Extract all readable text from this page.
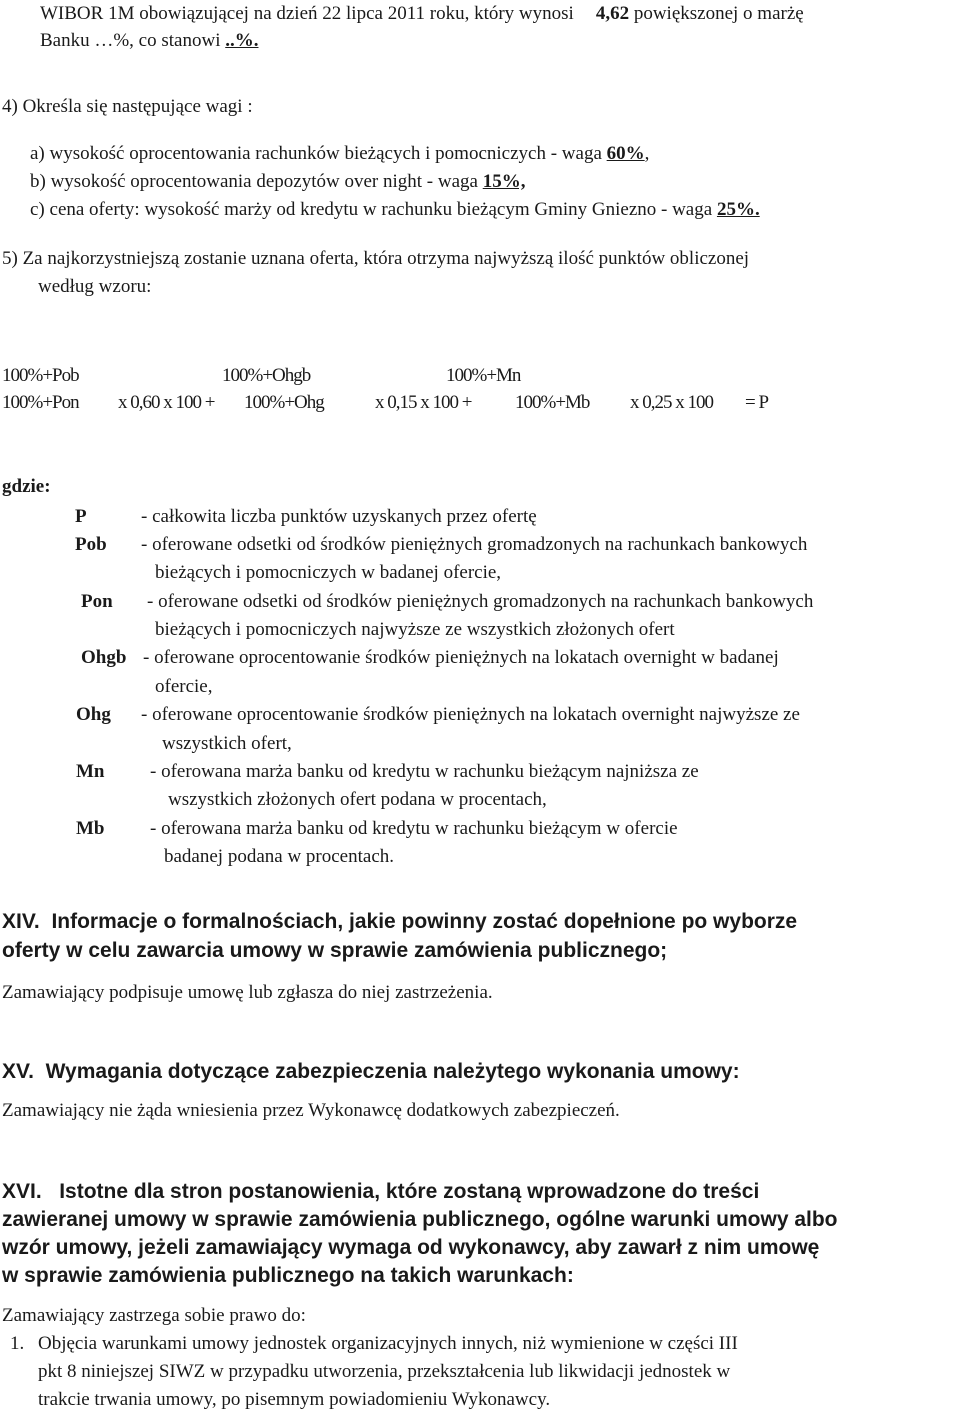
WIBOR 1M obowiązującej na dzień 22 lipca 2011 roku, który wynosi 4,62 powiększonej o marżę
Banku …%, co stanowi ..%.
4) Określa się następujące wagi :
a) wysokość oprocentowania rachunków bieżących i pomocniczych - waga 60%,
b) wysokość oprocentowania depozytów over night - waga 15%,
c) cena oferty: wysokość marży od kredytu w rachunku bieżącym Gminy Gniezno - waga 25%.
5) Za najkorzystniejszą zostanie uznana oferta, która otrzyma najwyższą ilość punktów obliczonej
według wzoru:
100%+Pob	100%+Ohgb	100%+Mn
100%+Pon x 0,60 x 100 + 100%+Ohg	x 0,15 x 100 + 100%+Mb x 0,25 x 100 = P
gdzie:
P	- całkowita liczba punktów uzyskanych przez ofertę
Pob - oferowane odsetki od środków pieniężnych gromadzonych na rachunkach bankowych
bieżących i pomocniczych w badanej ofercie,
Pon - oferowane odsetki od środków pieniężnych gromadzonych na rachunkach bankowych
bieżących i pomocniczych najwyższe ze wszystkich złożonych ofert
Ohgb - oferowane oprocentowanie środków pieniężnych na lokatach overnight w badanej
ofercie,
Ohg - oferowane oprocentowanie środków pieniężnych na lokatach overnight najwyższe ze
wszystkich ofert,
Mn - oferowana marża banku od kredytu w rachunku bieżącym najniższa ze
wszystkich złożonych ofert podana w procentach,
Mb - oferowana marża banku od kredytu w rachunku bieżącym w ofercie
badanej podana w procentach.
XIV. Informacje o formalnościach, jakie powinny zostać dopełnione po wyborze
oferty w celu zawarcia umowy w sprawie zamówienia publicznego;
Zamawiający podpisuje umowę lub zgłasza do niej zastrzeżenia.
XV. Wymagania dotyczące zabezpieczenia należytego wykonania umowy:
Zamawiający nie żąda wniesienia przez Wykonawcę dodatkowych zabezpieczeń.
XVI. Istotne dla stron postanowienia, które zostaną wprowadzone do treści
zawieranej umowy w sprawie zamówienia publicznego, ogólne warunki umowy albo
wzór umowy, jeżeli zamawiający wymaga od wykonawcy, aby zawarł z nim umowę
w sprawie zamówienia publicznego na takich warunkach:
Zamawiający zastrzega sobie prawo do:
1. Objęcia warunkami umowy jednostek organizacyjnych innych, niż wymienione w części III
pkt 8 niniejszej SIWZ w przypadku utworzenia, przekształcenia lub likwidacji jednostek w
trakcie trwania umowy, po pisemnym powiadomieniu Wykonawcy.
